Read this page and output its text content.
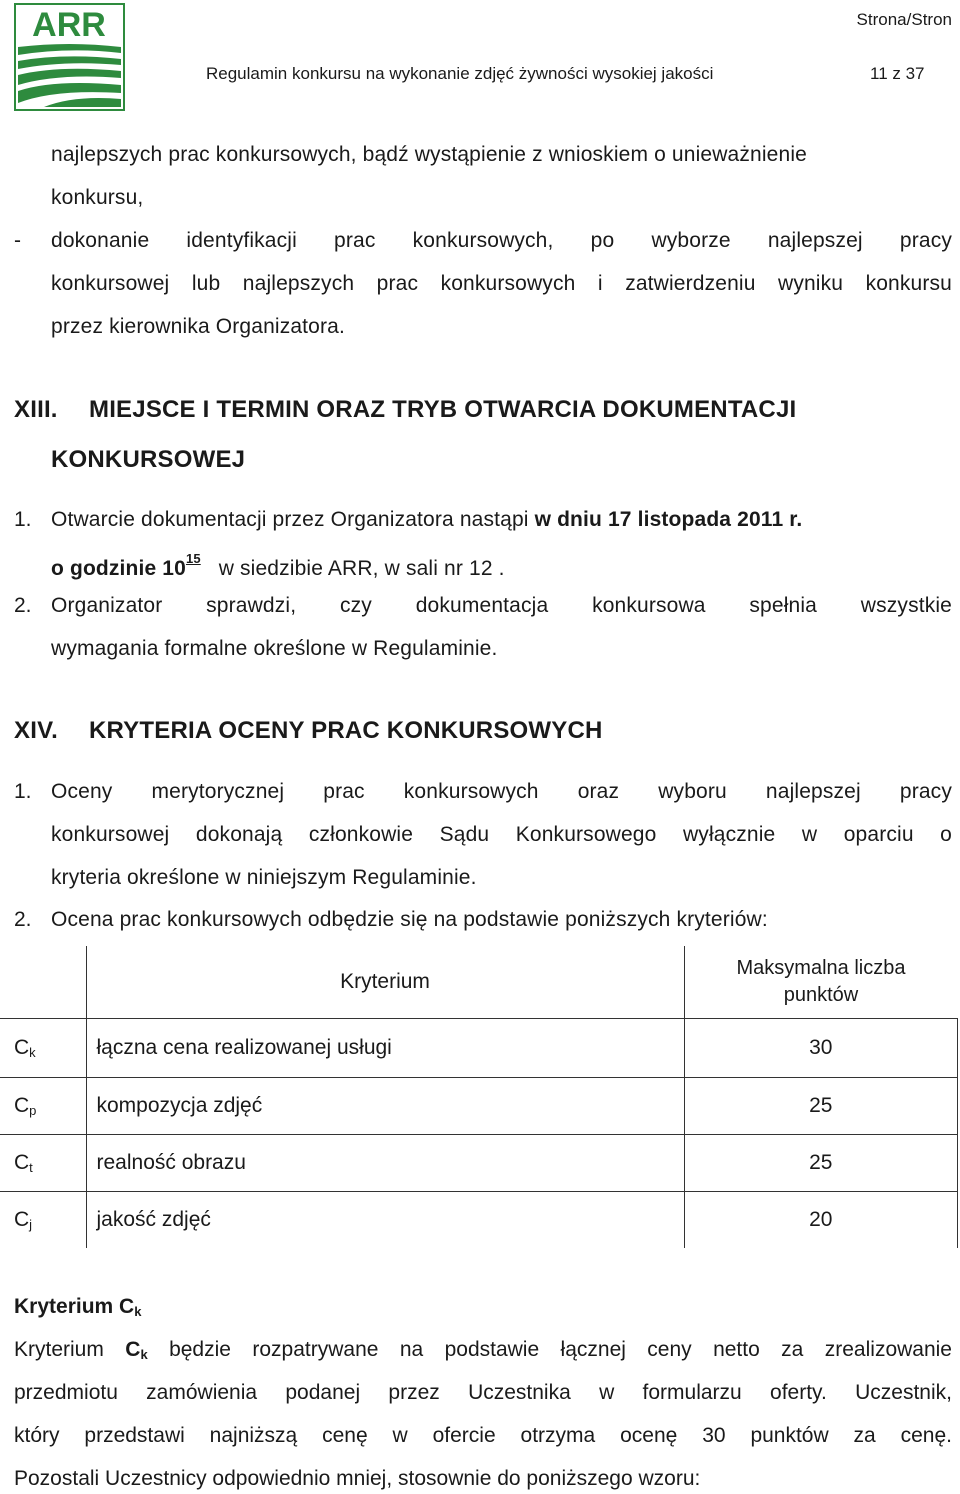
ARR	Strona/Stron
Regulamin konkursu na wykonanie zdjęć żywności wysokiej jakości	11 z 37
najlepszych prac konkursowych, bądź wystąpienie z wnioskiem o unieważnienie
konkursu,
- dokonanie identyfikacji prac konkursowych, po wyborze najlepszej pracy
konkursowej lub najlepszych prac konkursowych i zatwierdzeniu wyniku konkursu
przez kierownika Organizatora.
XIII. MIEJSCE I TERMIN ORAZ TRYB OTWARCIA DOKUMENTACJI
KONKURSOWEJ
1. Otwarcie dokumentacji przez Organizatora nastąpi w dniu 17 listopada 2011 r.
o godzinie $10^{15}$ w siedzibie ARR, w sali nr 12 .
2. Organizator sprawdzi, czy dokumentacja konkursowa spełnia wszystkie
wymagania formalne określone w Regulaminie.
XIV. KRYTERIA OCENY PRAC KONKURSOWYCH
1. Oceny merytorycznej prac konkursowych oraz wyboru najlepszej pracy
konkursowej dokonają członkowie Sądu Konkursowego wyłącznie w oparciu o
kryteria określone w niniejszym Regulaminie.
2. Ocena prac konkursowych odbędzie się na podstawie poniższych kryteriów:
	Kryterium	Maksymalna liczba
punktów

$C_k$	łączna cena realizowanej usługi	30
$C_p$	kompozycja zdjęć	25
$C_t$	realność obrazu	25
$C_j$	jakość zdjęć	20
Kryterium $C_k$
Kryterium $C_k$ będzie rozpatrywane na podstawie łącznej ceny netto za zrealizowanie
przedmiotu zamówienia podanej przez Uczestnika w formularzu oferty. Uczestnik,
który przedstawi najniższą cenę w ofercie otrzyma ocenę 30 punktów za cenę.
Pozostali Uczestnicy odpowiednio mniej, stosownie do poniższego wzoru:
